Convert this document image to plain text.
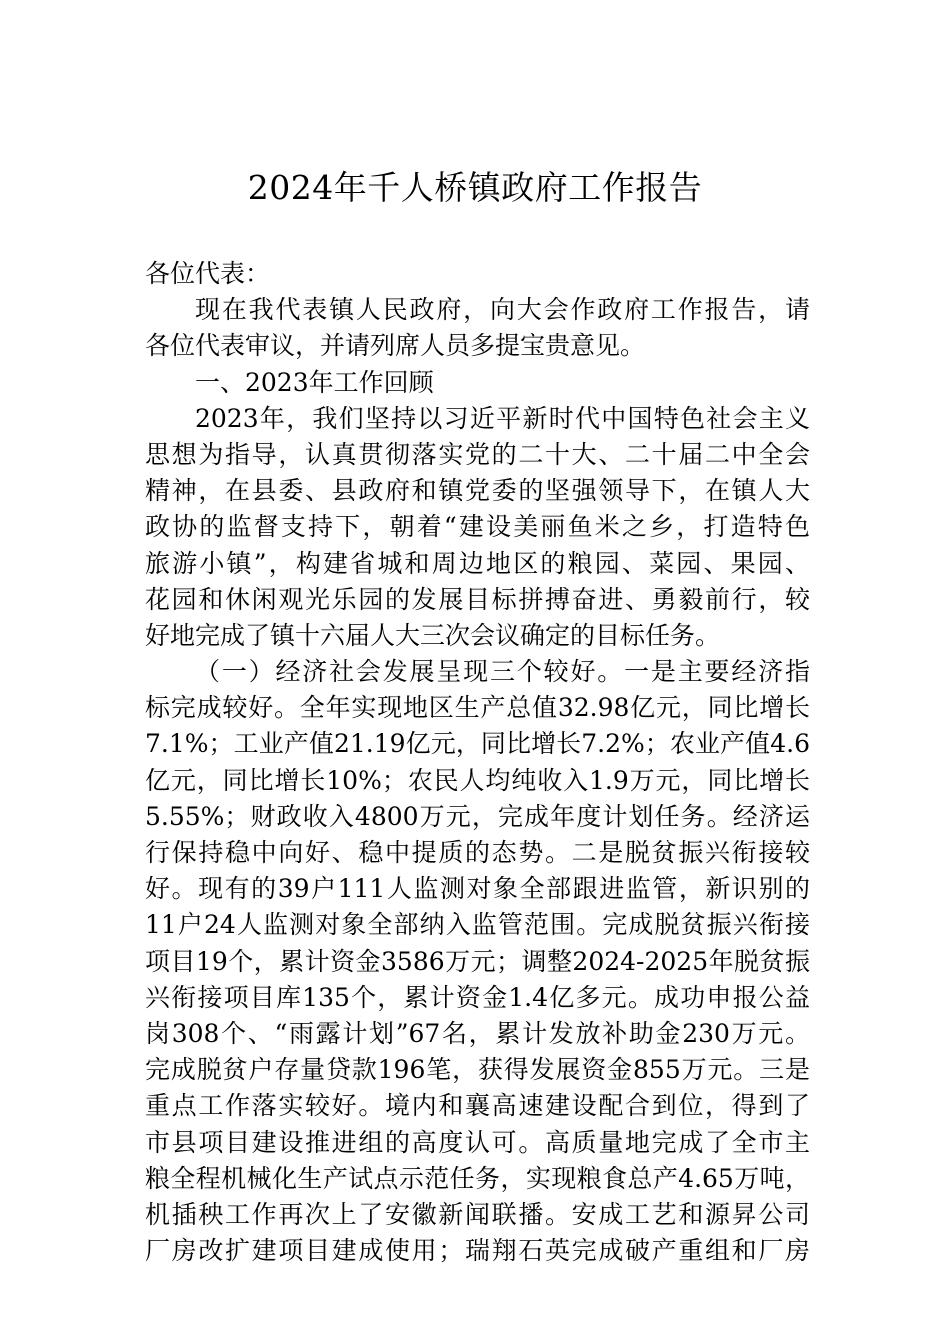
2024年千人桥镇政府工作报告
各位代表：
现在我代表镇人民政府，向大会作政府工作报告，请
各位代表审议，并请列席人员多提宝贵意见。
一、2023年工作回顾
2023年，我们坚持以习近平新时代中国特色社会主义
思想为指导，认真贯彻落实党的二十大、二十届二中全会
精神，在县委、县政府和镇党委的坚强领导下，在镇人大
政协的监督支持下，朝着“建设美丽鱼米之乡，打造特色
旅游小镇”，构建省城和周边地区的粮园、菜园、果园、
花园和休闲观光乐园的发展目标拼搏奋进、勇毅前行，较
好地完成了镇十六届人大三次会议确定的目标任务。
（一）经济社会发展呈现三个较好。一是主要经济指
标完成较好。全年实现地区生产总值32.98亿元，同比增长
7.1%；工业产值21.19亿元，同比增长7.2%；农业产值4.6
亿元，同比增长10%；农民人均纯收入1.9万元，同比增长
5.55%；财政收入4800万元，完成年度计划任务。经济运
行保持稳中向好、稳中提质的态势。二是脱贫振兴衔接较
好。现有的39户111人监测对象全部跟进监管，新识别的
11户24人监测对象全部纳入监管范围。完成脱贫振兴衔接
项目19个，累计资金3586万元；调整2024-2025年脱贫振
兴衔接项目库135个，累计资金1.4亿多元。成功申报公益
岗308个、“雨露计划”67名，累计发放补助金230万元。
完成脱贫户存量贷款196笔，获得发展资金855万元。三是
重点工作落实较好。境内和襄高速建设配合到位，得到了
市县项目建设推进组的高度认可。高质量地完成了全市主
粮全程机械化生产试点示范任务，实现粮食总产4.65万吨，
机插秧工作再次上了安徽新闻联播。安成工艺和源昇公司
厂房改扩建项目建成使用；瑞翔石英完成破产重组和厂房
